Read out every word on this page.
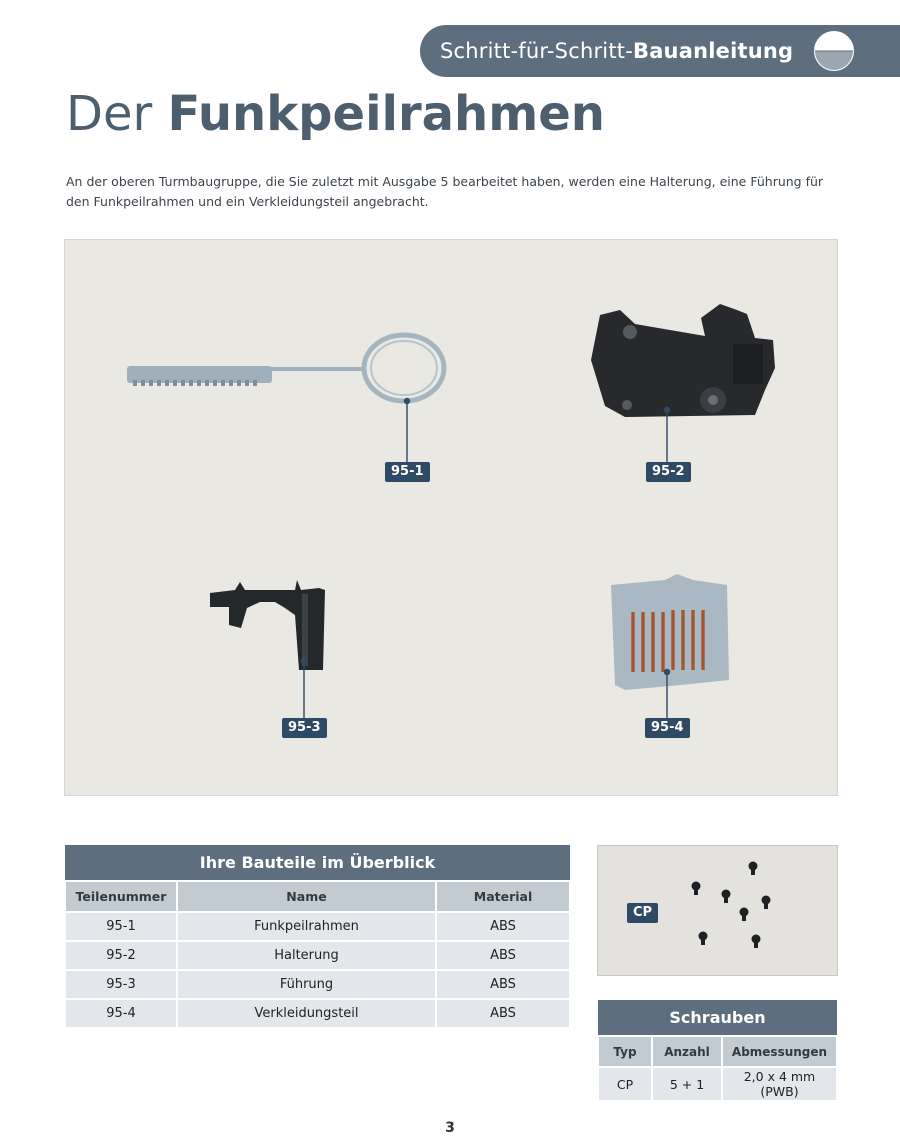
Schritt-für-Schritt-Bauanleitung
Der Funkpeilrahmen
An der oberen Turmbaugruppe, die Sie zuletzt mit Ausgabe 5 bearbeitet haben, werden eine Halterung, eine Führung für den Funkpeilrahmen und ein Verkleidungsteil angebracht.
95-1	95-2
95-3	95-4
Ihre Bauteile im Überblick		
Teilenummer	Name	Material
95-1	Funkpeilrahmen	ABS
95-2	Halterung	ABS
95-3	Führung	ABS
95-4	Verkleidungsteil	ABS
CP
Schrauben		
Typ	Anzahl	Abmessungen
CP	5 + 1	2,0 x 4 mm (PWB)
3
